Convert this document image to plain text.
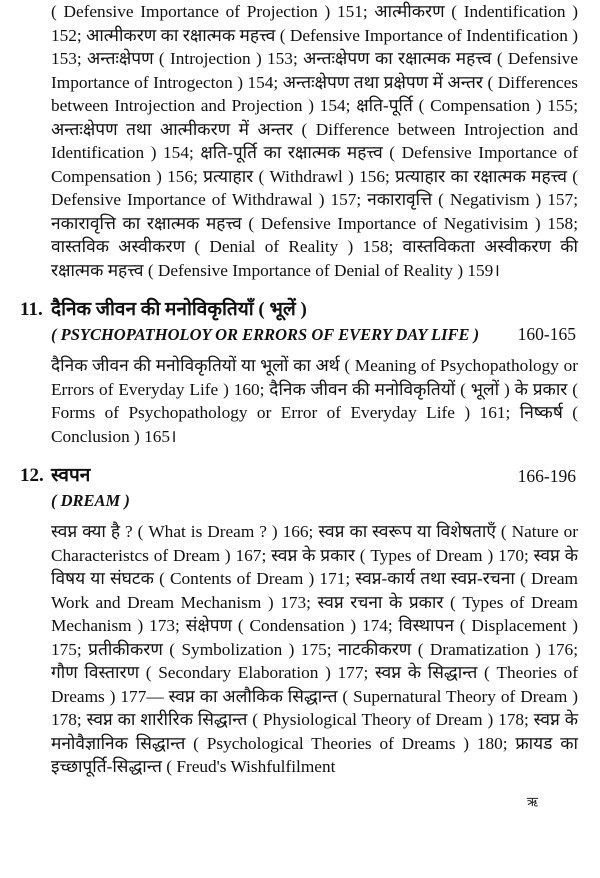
( Defensive Importance of Projection ) 151; आत्मीकरण ( Indentification ) 152; आत्मीकरण का रक्षात्मक महत्त्व ( Defensive Importance of Indentification ) 153; अन्तःक्षेपण ( Introjection ) 153; अन्तःक्षेपण का रक्षात्मक महत्त्व ( Defensive Importance of Introgecton ) 154; अन्तःक्षेपण तथा प्रक्षेपण में अन्तर ( Differences between Introjection and Projection ) 154; क्षति-पूर्ति ( Compensation ) 155; अन्तःक्षेपण तथा आत्मीकरण में अन्तर ( Difference between Introjection and Identification ) 154; क्षति-पूर्ति का रक्षात्मक महत्त्व ( Defensive Importance of Compensation ) 156; प्रत्याहार ( Withdrawl ) 156; प्रत्याहार का रक्षात्मक महत्त्व ( Defensive Importance of Withdrawal ) 157; नकारावृत्ति ( Negativism ) 157; नकारावृत्ति का रक्षात्मक महत्त्व ( Defensive Importance of Negativisim ) 158; वास्तविक अस्वीकरण ( Denial of Reality ) 158; वास्तविकता अस्वीकरण की रक्षात्मक महत्त्व ( Defensive Importance of Denial of Reality ) 159।

11. दैनिक जीवन की मनोविकृतियाँ ( भूलें )

( PSYCHOPATHOLOY OR ERRORS OF EVERY DAY LIFE )	160-165

दैनिक जीवन की मनोविकृतियों या भूलों का अर्थ ( Meaning of Psychopathology or Errors of Everyday Life ) 160; दैनिक जीवन की मनोविकृतियों ( भूलों ) के प्रकार ( Forms of Psychopathology or Error of Everyday Life ) 161; निष्कर्ष ( Conclusion ) 165।

12. स्वपन	166-196

( DREAM )

स्वप्न क्या है ? ( What is Dream ? ) 166; स्वप्न का स्वरूप या विशेषताएँ ( Nature or Characteristcs of Dream ) 167; स्वप्न के प्रकार ( Types of Dream ) 170; स्वप्न के विषय या संघटक ( Contents of Dream ) 171; स्वप्न-कार्य तथा स्वप्न-रचना ( Dream Work and Dream Mechanism ) 173; स्वप्न रचना के प्रकार ( Types of Dream Mechanism ) 173; संक्षेपण ( Condensation ) 174; विस्थापन ( Displacement ) 175; प्रतीकीकरण ( Symbolization ) 175; नाटकीकरण ( Dramatization ) 176; गौण विस्तारण ( Secondary Elaboration ) 177; स्वप्न के सिद्धान्त ( Theories of Dreams ) 177— स्वप्न का अलौकिक सिद्धान्त ( Supernatural Theory of Dream ) 178; स्वप्न का शारीरिक सिद्धान्त ( Physiological Theory of Dream ) 178; स्वप्न के मनोवैज्ञानिक सिद्धान्त ( Psychological Theories of Dreams ) 180; फ्रायड का इच्छापूर्ति-सिद्धान्त ( Freud's Wishfulfilment

ऋ
